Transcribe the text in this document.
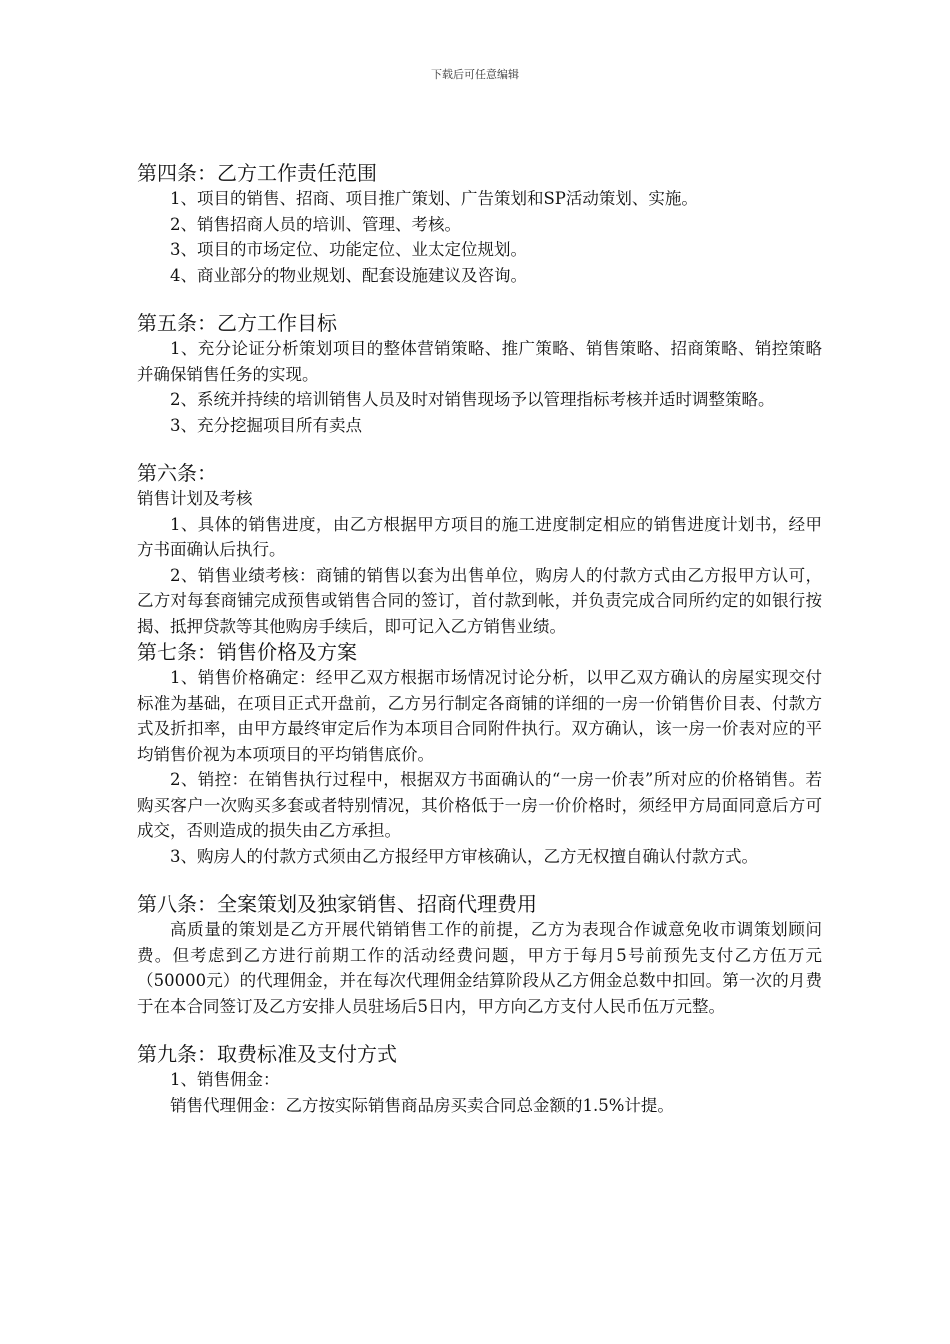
下载后可任意编辑
第四条：乙方工作责任范围

1、项目的销售、招商、项目推广策划、广告策划和SP活动策划、实施。

2、销售招商人员的培训、管理、考核。

3、项目的市场定位、功能定位、业太定位规划。

4、商业部分的物业规划、配套设施建议及咨询。

第五条：乙方工作目标

1、充分论证分析策划项目的整体营销策略、推广策略、销售策略、招商策略、销控策略并确保销售任务的实现。

2、系统并持续的培训销售人员及时对销售现场予以管理指标考核并适时调整策略。

3、充分挖掘项目所有卖点

第六条：

销售计划及考核

1、具体的销售进度，由乙方根据甲方项目的施工进度制定相应的销售进度计划书，经甲方书面确认后执行。

2、销售业绩考核：商铺的销售以套为出售单位，购房人的付款方式由乙方报甲方认可，乙方对每套商铺完成预售或销售合同的签订，首付款到帐，并负责完成合同所约定的如银行按揭、抵押贷款等其他购房手续后，即可记入乙方销售业绩。

第七条：销售价格及方案

1、销售价格确定：经甲乙双方根据市场情况讨论分析，以甲乙双方确认的房屋实现交付标准为基础，在项目正式开盘前，乙方另行制定各商铺的详细的一房一价销售价目表、付款方式及折扣率，由甲方最终审定后作为本项目合同附件执行。双方确认，该一房一价表对应的平均销售价视为本项项目的平均销售底价。

2、销控：在销售执行过程中，根据双方书面确认的“一房一价表”所对应的价格销售。若购买客户一次购买多套或者特别情况，其价格低于一房一价价格时，须经甲方局面同意后方可成交，否则造成的损失由乙方承担。

3、购房人的付款方式须由乙方报经甲方审核确认，乙方无权擅自确认付款方式。

第八条：全案策划及独家销售、招商代理费用

高质量的策划是乙方开展代销销售工作的前提，乙方为表现合作诚意免收市调策划顾问费。但考虑到乙方进行前期工作的活动经费问题，甲方于每月5号前预先支付乙方伍万元（50000元）的代理佣金，并在每次代理佣金结算阶段从乙方佣金总数中扣回。第一次的月费于在本合同签订及乙方安排人员驻场后5日内，甲方向乙方支付人民币伍万元整。

第九条：取费标准及支付方式

1、销售佣金：

销售代理佣金：乙方按实际销售商品房买卖合同总金额的1.5%计提。
